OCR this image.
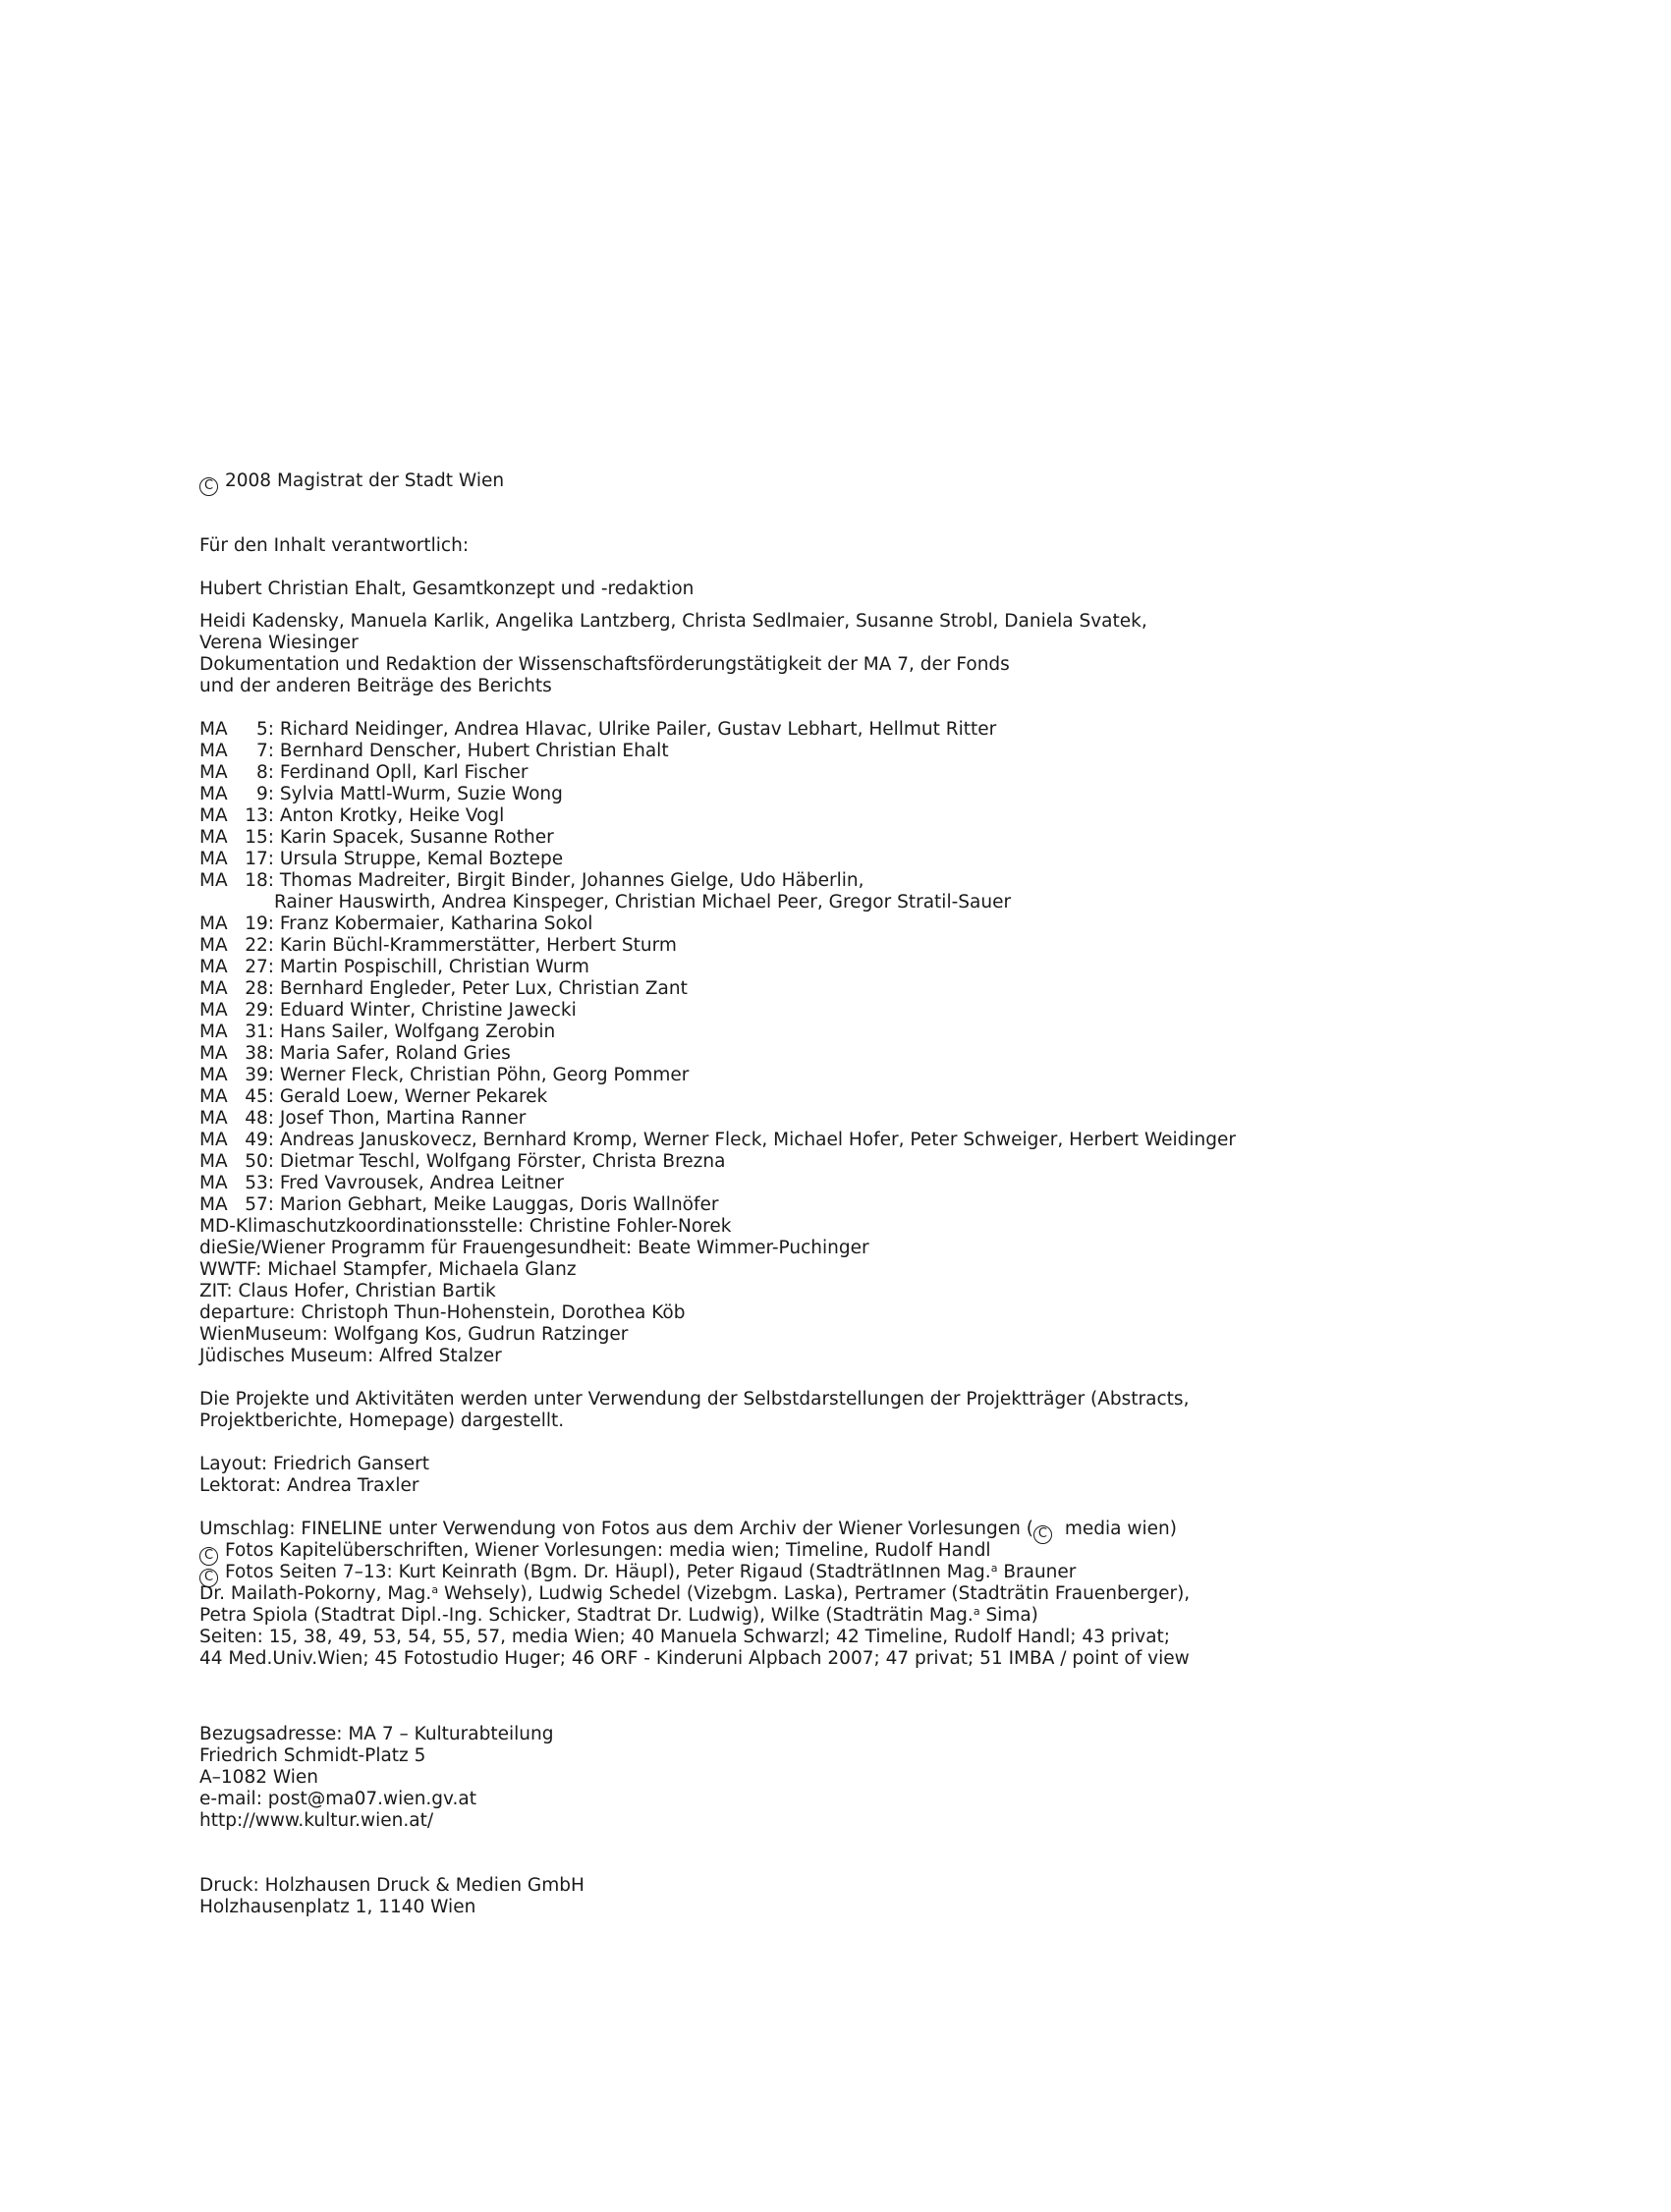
C 2008 Magistrat der Stadt Wien
Für den Inhalt verantwortlich:
Hubert Christian Ehalt, Gesamtkonzept und -redaktion
Heidi Kadensky, Manuela Karlik, Angelika Lantzberg, Christa Sedlmaier, Susanne Strobl, Daniela Svatek,
Verena Wiesinger
Dokumentation und Redaktion der Wissenschaftsförderungstätigkeit der MA 7, der Fonds
und der anderen Beiträge des Berichts
MA 5: Richard Neidinger, Andrea Hlavac, Ulrike Pailer, Gustav Lebhart, Hellmut Ritter
MA 7: Bernhard Denscher, Hubert Christian Ehalt
MA 8: Ferdinand Opll, Karl Fischer
MA 9: Sylvia Mattl-Wurm, Suzie Wong
MA 13: Anton Krotky, Heike Vogl
MA 15: Karin Spacek, Susanne Rother
MA 17: Ursula Struppe, Kemal Boztepe
MA 18: Thomas Madreiter, Birgit Binder, Johannes Gielge, Udo Häberlin,
Rainer Hauswirth, Andrea Kinspeger, Christian Michael Peer, Gregor Stratil-Sauer
MA 19: Franz Kobermaier, Katharina Sokol
MA 22: Karin Büchl-Krammerstätter, Herbert Sturm
MA 27: Martin Pospischill, Christian Wurm
MA 28: Bernhard Engleder, Peter Lux, Christian Zant
MA 29: Eduard Winter, Christine Jawecki
MA 31: Hans Sailer, Wolfgang Zerobin
MA 38: Maria Safer, Roland Gries
MA 39: Werner Fleck, Christian Pöhn, Georg Pommer
MA 45: Gerald Loew, Werner Pekarek
MA 48: Josef Thon, Martina Ranner
MA 49: Andreas Januskovecz, Bernhard Kromp, Werner Fleck, Michael Hofer, Peter Schweiger, Herbert Weidinger
MA 50: Dietmar Teschl, Wolfgang Förster, Christa Brezna
MA 53: Fred Vavrousek, Andrea Leitner
MA 57: Marion Gebhart, Meike Lauggas, Doris Wallnöfer
MD-Klimaschutzkoordinationsstelle: Christine Fohler-Norek
dieSie/Wiener Programm für Frauengesundheit: Beate Wimmer-Puchinger
WWTF: Michael Stampfer, Michaela Glanz
ZIT: Claus Hofer, Christian Bartik
departure: Christoph Thun-Hohenstein, Dorothea Köb
WienMuseum: Wolfgang Kos, Gudrun Ratzinger
Jüdisches Museum: Alfred Stalzer
Die Projekte und Aktivitäten werden unter Verwendung der Selbstdarstellungen der Projektträger (Abstracts,
Projektberichte, Homepage) dargestellt.
Layout: Friedrich Gansert
Lektorat: Andrea Traxler
Umschlag: FINELINE unter Verwendung von Fotos aus dem Archiv der Wiener Vorlesungen ( C media wien)
C Fotos Kapitelüberschriften, Wiener Vorlesungen: media wien; Timeline, Rudolf Handl
C Fotos Seiten 7–13: Kurt Keinrath (Bgm. Dr. Häupl), Peter Rigaud (StadträtInnen Mag.$^a$ Brauner
Dr. Mailath-Pokorny, Mag.$^a$ Wehsely), Ludwig Schedel (Vizebgm. Laska), Pertramer (Stadträtin Frauenberger),
Petra Spiola (Stadtrat Dipl.-Ing. Schicker, Stadtrat Dr. Ludwig), Wilke (Stadträtin Mag.$^a$ Sima)
Seiten: 15, 38, 49, 53, 54, 55, 57, media Wien; 40 Manuela Schwarzl; 42 Timeline, Rudolf Handl; 43 privat;
44 Med.Univ.Wien; 45 Fotostudio Huger; 46 ORF - Kinderuni Alpbach 2007; 47 privat; 51 IMBA / point of view
Bezugsadresse: MA 7 – Kulturabteilung
Friedrich Schmidt-Platz 5
A–1082 Wien
e-mail: post@ma07.wien.gv.at
http://www.kultur.wien.at/
Druck: Holzhausen Druck & Medien GmbH
Holzhausenplatz 1, 1140 Wien
